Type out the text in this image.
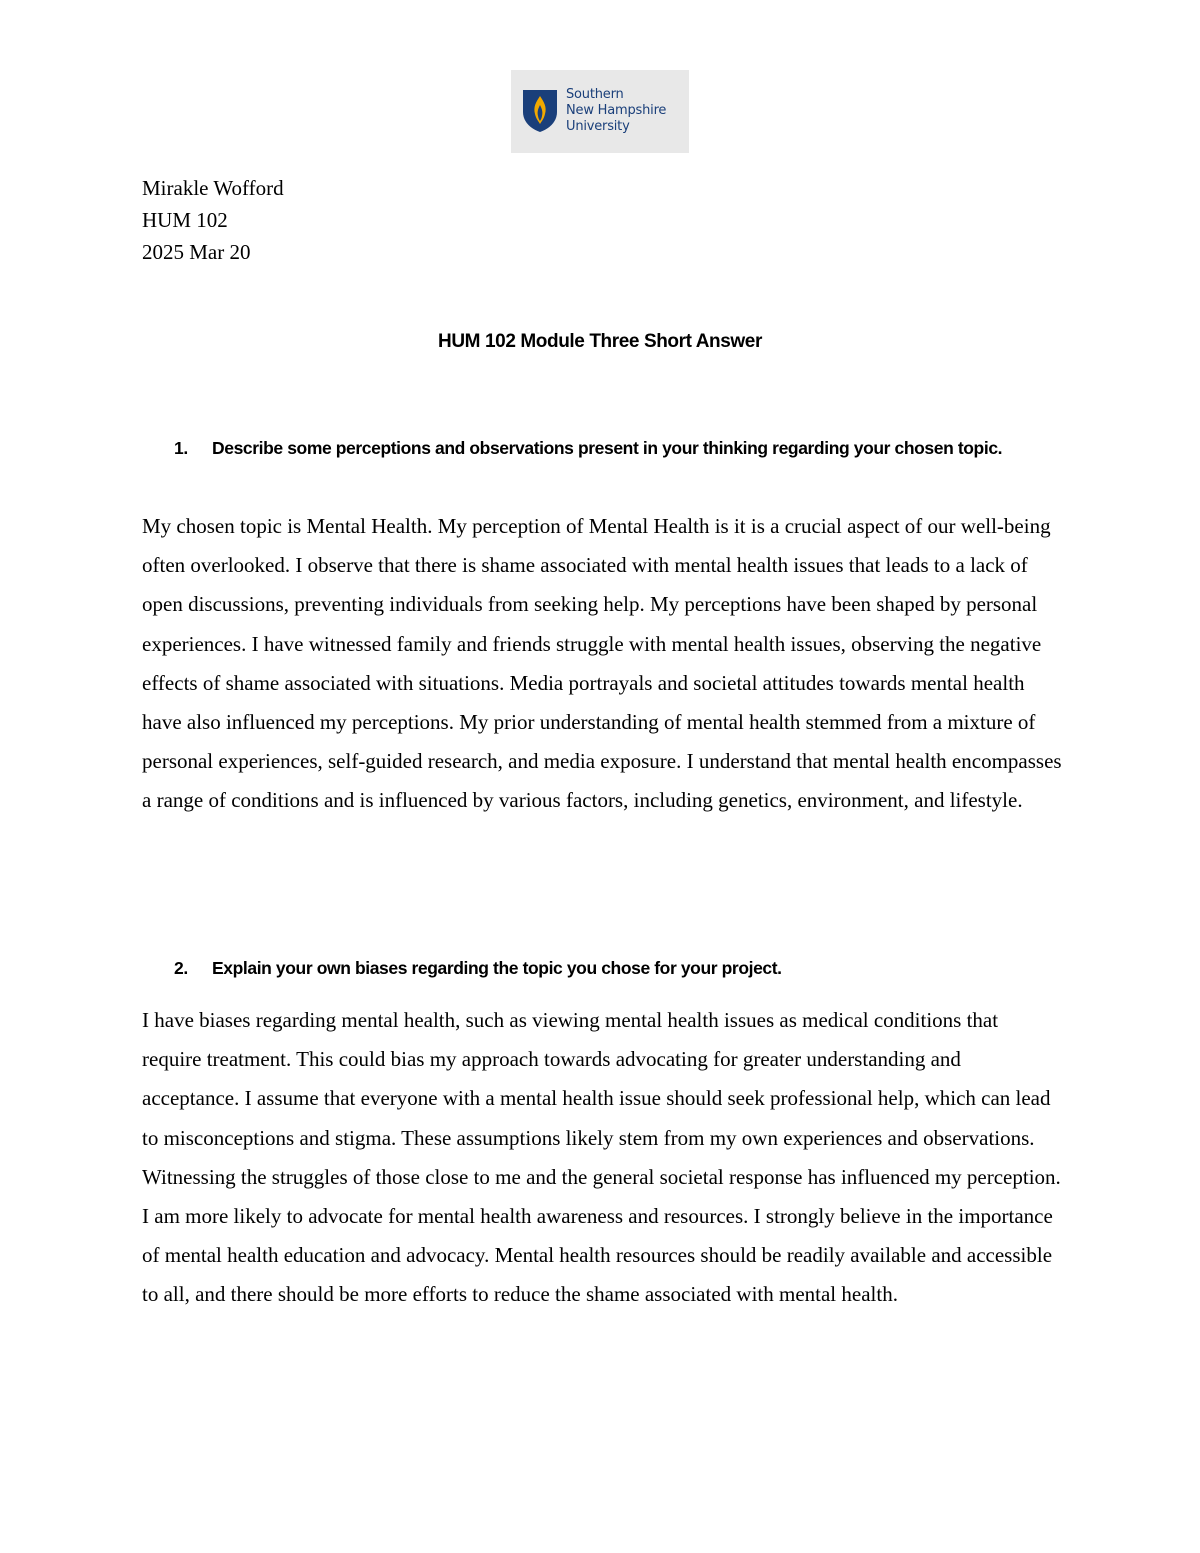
Southern
New Hampshire
University
Mirakle Wofford
HUM 102
2025 Mar 20
HUM 102 Module Three Short Answer
1. Describe some perceptions and observations present in your thinking regarding your chosen topic.
My chosen topic is Mental Health. My perception of Mental Health is it is a crucial aspect of our well-being often overlooked. I observe that there is shame associated with mental health issues that leads to a lack of open discussions, preventing individuals from seeking help. My perceptions have been shaped by personal experiences. I have witnessed family and friends struggle with mental health issues, observing the negative effects of shame associated with situations. Media portrayals and societal attitudes towards mental health have also influenced my perceptions. My prior understanding of mental health stemmed from a mixture of personal experiences, self-guided research, and media exposure. I understand that mental health encompasses a range of conditions and is influenced by various factors, including genetics, environment, and lifestyle.
2. Explain your own biases regarding the topic you chose for your project.
I have biases regarding mental health, such as viewing mental health issues as medical conditions that require treatment. This could bias my approach towards advocating for greater understanding and acceptance. I assume that everyone with a mental health issue should seek professional help, which can lead to misconceptions and stigma. These assumptions likely stem from my own experiences and observations. Witnessing the struggles of those close to me and the general societal response has influenced my perception. I am more likely to advocate for mental health awareness and resources. I strongly believe in the importance of mental health education and advocacy. Mental health resources should be readily available and accessible to all, and there should be more efforts to reduce the shame associated with mental health.
